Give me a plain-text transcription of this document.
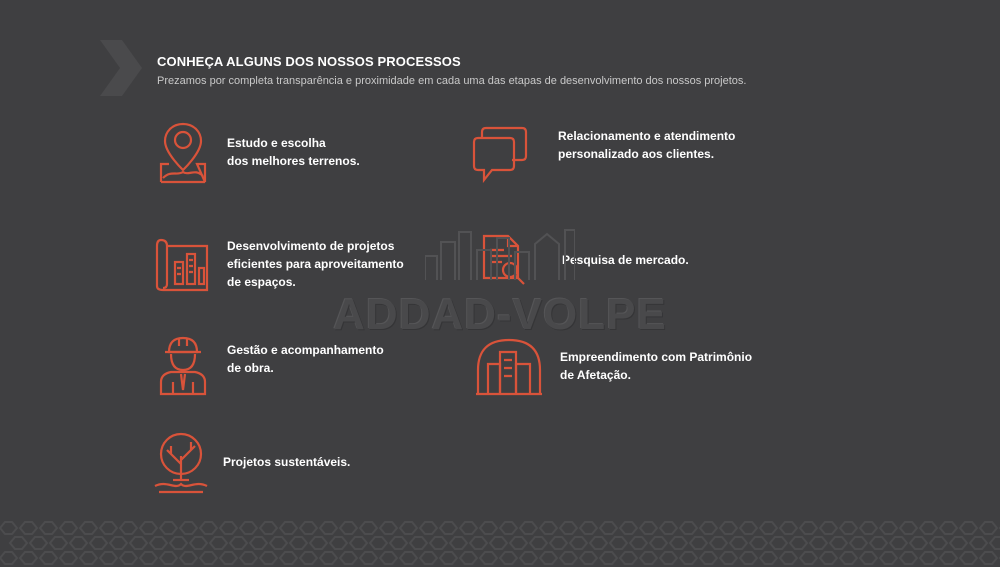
CONHEÇA ALGUNS DOS NOSSOS PROCESSOS

Prezamos por completa transparência e proximidade em cada uma das etapas de desenvolvimento dos nossos projetos.

Estudo e escolha
dos melhores terrenos.
Relacionamento e atendimento
personalizado aos clientes.
Desenvolvimento de projetos
eficientes para aproveitamento
de espaços.
Pesquisa de mercado.
Gestão e acompanhamento
de obra.
Empreendimento com Patrimônio
de Afetação.
Projetos sustentáveis.
ADDAD-VOLPE
